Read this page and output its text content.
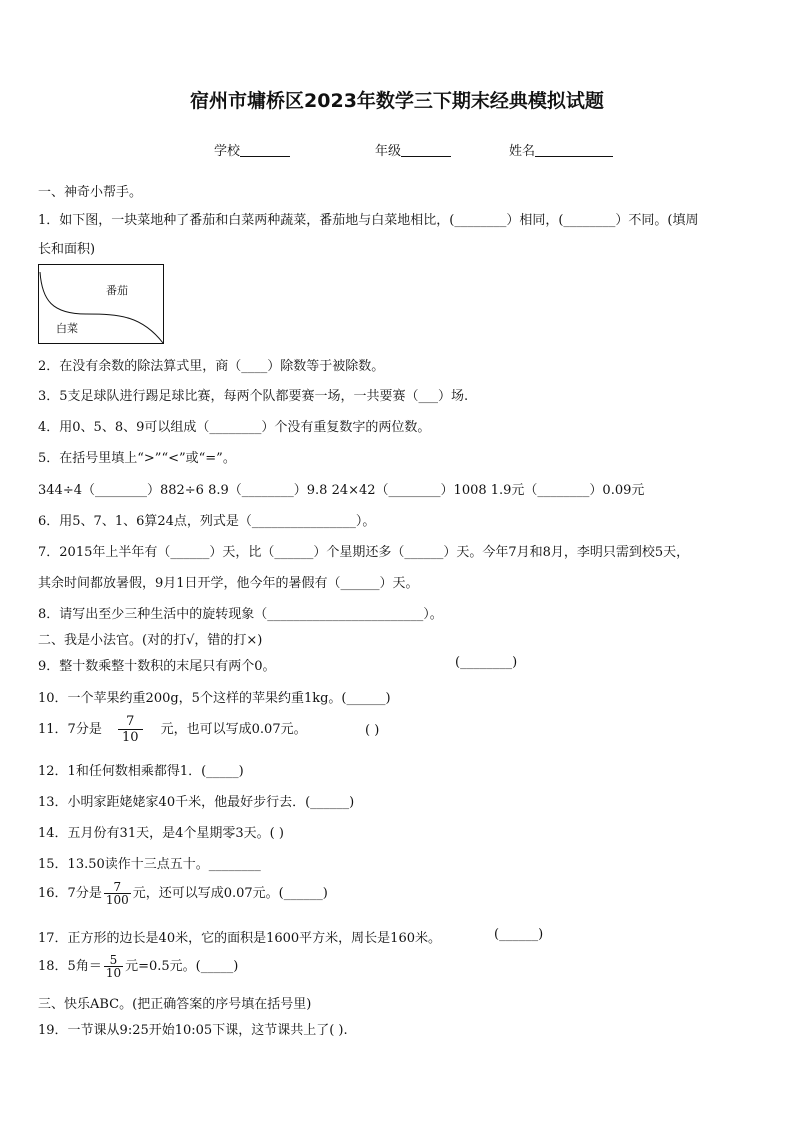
宿州市墉桥区2023年数学三下期末经典模拟试题
学校	年级	姓名
一、神奇小帮手。
1．如下图，一块菜地种了番茄和白菜两种蔬菜，番茄地与白菜地相比，(________）相同，(________）不同。(填周
长和面积)
番茄
白菜
2．在没有余数的除法算式里，商（____）除数等于被除数。
3．5支足球队进行踢足球比赛，每两个队都要赛一场，一共要赛（___）场.
4．用0、5、8、9可以组成（________）个没有重复数字的两位数。
5．在括号里填上“>”“<”或“=”。
344÷4（________）882÷6 8.9（________）9.8 24×42（________）1008 1.9元（________）0.09元
6．用5、7、1、6算24点，列式是（________________）。
7．2015年上半年有（______）天，比（______）个星期还多（______）天。今年7月和8月，李明只需到校5天，
其余时间都放暑假，9月1日开学，他今年的暑假有（______）天。
8．请写出至少三种生活中的旋转现象（________________________）。
二、我是小法官。(对的打√，错的打×)
9．整十数乘整十数积的末尾只有两个0。	(________)
10．一个苹果约重200g，5个这样的苹果约重1kg。(______)
11．7分是 $\frac{7}{10}$ 元，也可以写成0.07元。	( )
12．1和任何数相乘都得1．(_____)
13．小明家距姥姥家40千米，他最好步行去．(______)
14．五月份有31天，是4个星期零3天。( )
15．13.50读作十三点五十。________
16．7分是 $\frac{7}{100}$ 元，还可以写成0.07元。(______)
17．正方形的边长是40米，它的面积是1600平方米，周长是160米。	(______)
18．5角＝ $\frac{5}{10}$ 元=0.5元。(_____)
三、快乐ABC。(把正确答案的序号填在括号里)
19．一节课从9:25开始10:05下课，这节课共上了( ).
